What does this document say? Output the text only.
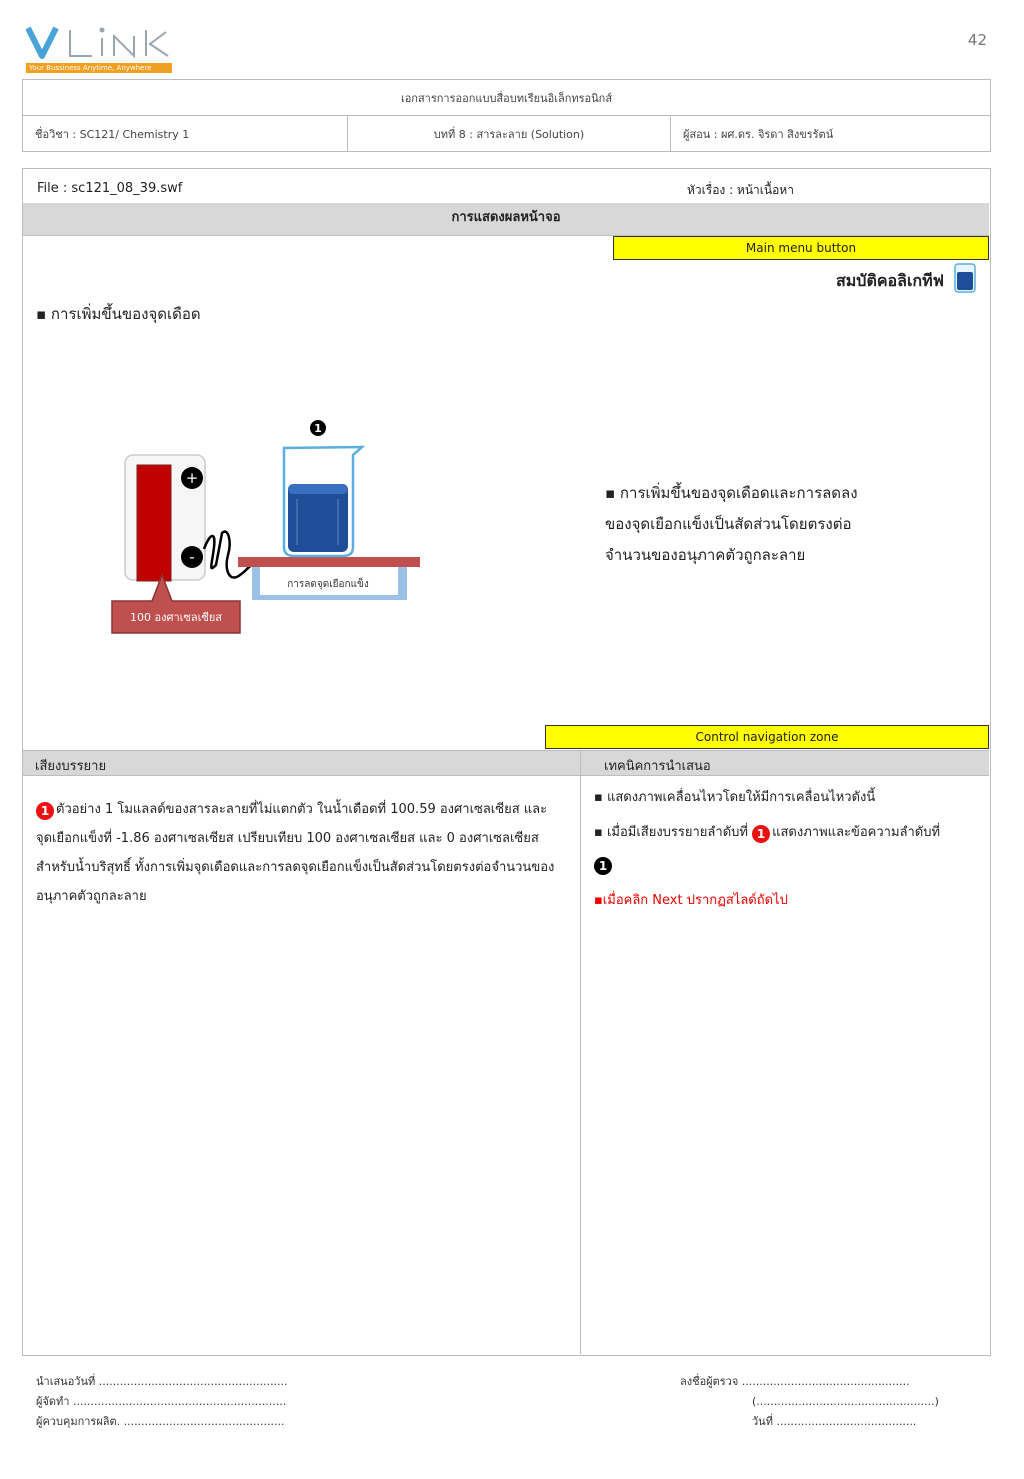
Your Bussiness Anytime, Anywhere
42
เอกสารการออกแบบสื่อบทเรียนอิเล็กทรอนิกส์
ชื่อวิชา : SC121/ Chemistry 1	บทที่ 8 : สารละลาย (Solution)	ผู้สอน : ผศ.ดร. จิรดา สิงขรรัตน์
File : sc121_08_39.swf	หัวเรื่อง : หน้าเนื้อหา
การแสดงผลหน้าจอ
Main menu button
สมบัติคอลิเกทีฟ
▪ การเพิ่มขึ้นของจุดเดือด
▪ การเพิ่มขึ้นของจุดเดือดและการลดลง
ของจุดเยือกแข็งเป็นสัดส่วนโดยตรงต่อ
จำนวนของอนุภาคตัวถูกละลาย
+
-
การลดจุดเยือกแข็ง
1
100 องศาเซลเซียส
Control navigation zone
เสียงบรรยาย	เทคนิคการนำเสนอ
1 ตัวอย่าง 1 โมแลลด์ของสารละลายที่ไม่แตกตัว ในน้ำเดือดที่ 100.59 องศาเซลเซียส และจุดเยือกแข็งที่ -1.86 องศาเซลเซียส เปรียบเทียบ 100 องศาเซลเซียส และ 0 องศาเซลเซียส สำหรับน้ำบริสุทธิ์ ทั้งการเพิ่มจุดเดือดและการลดจุดเยือกแข็งเป็นสัดส่วนโดยตรงต่อจำนวนของอนุภาคตัวถูกละลาย
▪ แสดงภาพเคลื่อนไหวโดยให้มีการเคลื่อนไหวดังนี้
▪ เมื่อมีเสียงบรรยายลำดับที่ 1 แสดงภาพและข้อความลำดับที่
1
▪เมื่อคลิก Next ปรากฏสไลด์ถัดไป
นำเสนอวันที่ ......................................................
ผู้จัดทำ .............................................................
ผู้ควบคุมการผลิต. ..............................................
ลงชื่อผู้ตรวจ ................................................
(...................................................)
วันที่ ........................................
